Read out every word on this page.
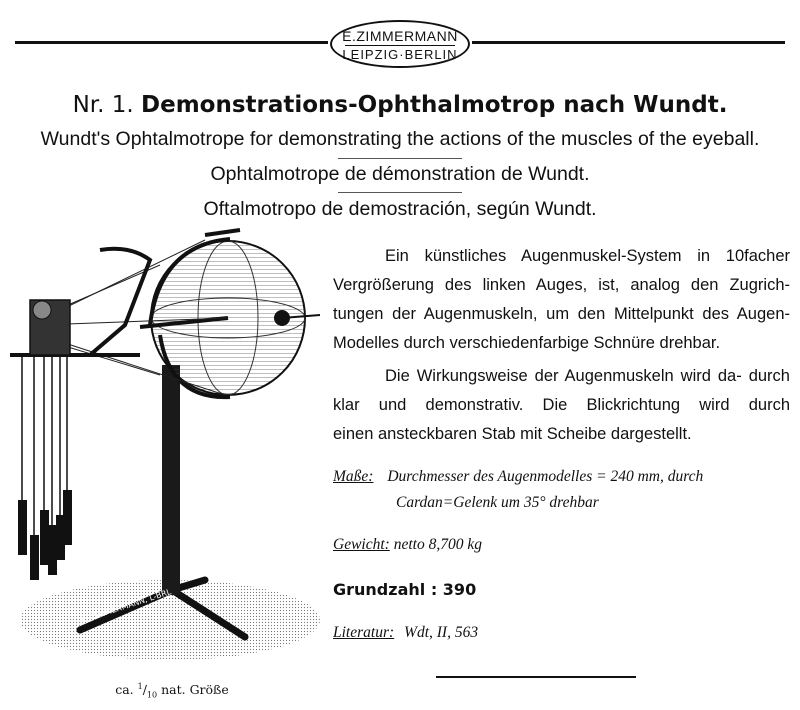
E.ZIMMERMANN
LEIPZIG·BERLIN
Nr. 1. Demonstrations-Ophthalmotrop nach Wundt.
Wundt's Ophtalmotrope for demonstrating the actions of the muscles of the eyeball.
Ophtalmotrope de démonstration de Wundt.
Oftalmotropo de demostración, según Wundt.
E. ZIMMERMANN, L-BRL
Ein künstliches Augenmuskel-System in 10facher Vergrößerung des linken Auges, ist, analog den Zugrich- tungen der Augenmuskeln, um den Mittelpunkt des Augen-
Modelles durch verschiedenfarbige Schnüre drehbar.
Die Wirkungsweise der Augenmuskeln wird da- durch klar und demonstrativ. Die Blickrichtung wird durch
einen ansteckbaren Stab mit Scheibe dargestellt.
Maße: Durchmesser des Augenmodelles = 240 mm, durch
Cardan=Gelenk um 35° drehbar
Gewicht: netto 8,700 kg
Grundzahl : 390
Literatur: Wdt, II, 563
ca. $^1/_{10}$ nat. Größe
